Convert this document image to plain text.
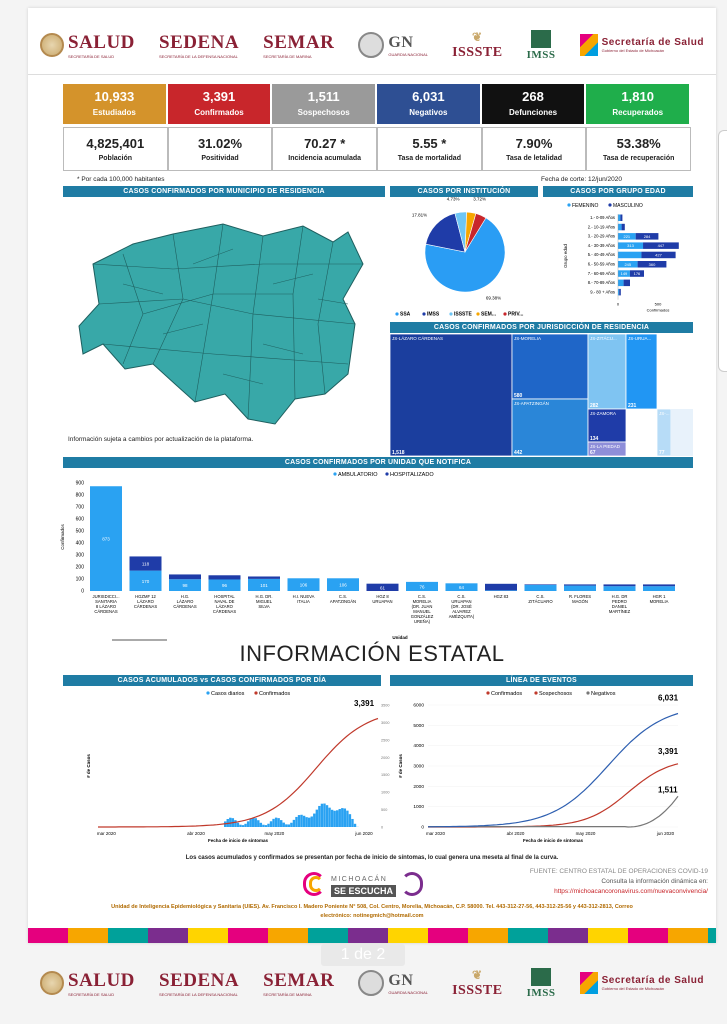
SALUD
SECRETARÍA DE SALUD
SEDENA
SECRETARÍA DE LA DEFENSA NACIONAL
SEMAR
SECRETARÍA DE MARINA
GN
GUARDIA NACIONAL
❦
ISSSTE IMSS
Secretaría de Salud
Gobierno del Estado de Michoacán
10,933
Estudiados
3,391
Confirmados
1,511
Sospechosos
6,031
Negativos
268
Defunciones
1,810
Recuperados
4,825,401
Población
31.02%
Positividad
70.27 *
Incidencia acumulada
5.55 *
Tasa de mortalidad
7.90%
Tasa de letalidad
53.38%
Tasa de recuperación
* Por cada 100,000 habitantes	Fecha de corte: 12/jun/2020
CASOS CONFIRMADOS POR MUNICIPIO DE RESIDENCIA
Información sujeta a cambios por actualización de la plataforma.
CASOS POR INSTITUCIÓN
69.38%
17.81%
4.73%	3.72%
SSA	IMSS	ISSSTE SEM... PRIV...
CASOS POR GRUPO EDAD
FEMENINO	MASCULINO
1.- 0-09 Años
2.- 10-19 Años
3.- 20-29 Años 221	284
4.- 30-39 Años	313	447
5.- 40-49 Años	427
6.- 50-59 Años 245	360
7.- 60-69 Años 149 176
8.- 70-89 Años
9.- 80 + Años
0	500
Confirmados
Grupo edad
CASOS CONFIRMADOS POR JURISDICCIÓN DE RESIDENCIA
JS-LÁZARO CÁRDENAS
1,518
JS-MORELIA
580
JS-APATZINGÁN
442
JS-ZITÁCU...
282
JS-URUA...
231
JS-ZAMORA
134
JS-LA PIEDAD
67
JS-...
77
CASOS CONFIRMADOS POR UNIDAD QUE NOTIFICA
AMBULATORIO HOSPITALIZADO
0
100
200
300
400
500
600
700
800
900
Confirmados	873
JURISDICCI... SANITARIA 8 LÁZARO CÁRDENAS
170
118
HGZMF 12 LÁZARO CÁRDENAS
98
H.G. LÁZARO CÁRDENAS
96
HOSPITAL NAVAL DE LÁZARO CÁRDENAS
101
H.G. DR. MIGUEL SILVA
106
H.I. NUEVA ITALIA
106
C.S. APATZINGÁN
61
HGZ 8 URUAPAN
76
C.S. MORELIA (DR. JUAN MANUEL GONZÁLEZ UREÑA)
64
C.S. URUAPAN (DR. JOSÉ ALVAREZ AMÉZQUITA)
HGZ 83	C.S. ZITÁCUARO
R. FLORES MAGÓN
H.G. DR PEDRO DANIEL MARTÍNEZ
HGR 1 MORELIA
Unidad
INFORMACIÓN ESTATAL
CASOS ACUMULADOS vs CASOS CONFIRMADOS POR DÍA
Casos diarios	Confirmados
0
500
1000
1500
2000
2500
3000
3500
3,391
mar 2020	abr 2020	may 2020	jun 2020
Fecha de inicio de síntomas
# de Casos
LÍNEA DE EVENTOS
Confirmados	Sospechosos	Negativos
0
1000
2000
3000
4000
5000
6000
3,391
1,511
6,031
mar 2020	abr 2020	may 2020	jun 2020
Fecha de inicio de síntomas
# de Casos
Los casos acumulados y confirmados se presentan por fecha de inicio de síntomas, lo cual genera una meseta al final de la curva.
MICHOACÁN
SE ESCUCHA
FUENTE: CENTRO ESTATAL DE OPERACIONES COVID-19
Consulta la información dinámica en:
https://michoacancoronavirus.com/nuevaconvivencia/
Unidad de Inteligencia Epidemiológica y Sanitaria (UIES). Av. Francisco I. Madero Poniente N° 508, Col. Centro, Morelia, Michoacán, C.P. 58000. Tel. 443-312-27-56, 443-312-25-56 y 443-312-2813, Correo
electrónico: notinegmich@hotmail.com
1 de 2
SALUD
SECRETARÍA DE SALUD
SEDENA
SECRETARÍA DE LA DEFENSA NACIONAL
SEMAR
SECRETARÍA DE MARINA
GN
GUARDIA NACIONAL
❦
ISSSTE IMSS
Secretaría de Salud
Gobierno del Estado de Michoacán
